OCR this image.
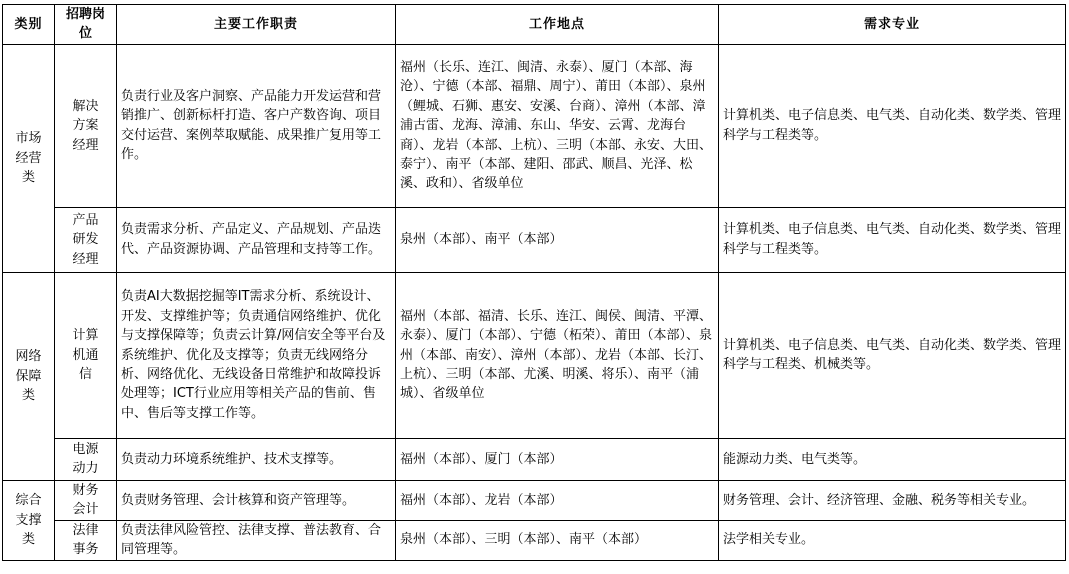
类别	招聘岗位	主要工作职责	工作地点	需求专业
市场经营类	解决方案经理	负责行业及客户洞察、产品能力开发运营和营销推广、创新标杆打造、客户产数咨询、项目交付运营、案例萃取赋能、成果推广复用等工作。	福州（长乐、连江、闽清、永泰）、厦门（本部、海沧）、宁德（本部、福鼎、周宁）、莆田（本部）、泉州（鲤城、石狮、惠安、安溪、台商）、漳州（本部、漳浦古雷、龙海、漳浦、东山、华安、云霄、龙海台商）、龙岩（本部、上杭）、三明（本部、永安、大田、泰宁）、南平（本部、建阳、邵武、顺昌、光泽、松溪、政和）、省级单位	计算机类、电子信息类、电气类、自动化类、数学类、管理科学与工程类等。
	产品研发经理	负责需求分析、产品定义、产品规划、产品迭代、产品资源协调、产品管理和支持等工作。	泉州（本部）、南平（本部）	计算机类、电子信息类、电气类、自动化类、数学类、管理科学与工程类等。
网络保障类	计算机通信	负责AI大数据挖掘等IT需求分析、系统设计、开发、支撑维护等；负责通信网络维护、优化与支撑保障等；负责云计算/网信安全等平台及系统维护、优化及支撑等；负责无线网络分析、网络优化、无线设备日常维护和故障投诉处理等；ICT行业应用等相关产品的售前、售中、售后等支撑工作等。	福州（本部、福清、长乐、连江、闽侯、闽清、平潭、永泰）、厦门（本部）、宁德（柘荣）、莆田（本部）、泉州（本部、南安）、漳州（本部）、龙岩（本部、长汀、上杭）、三明（本部、尤溪、明溪、将乐）、南平（浦城）、省级单位	计算机类、电子信息类、电气类、自动化类、数学类、管理科学与工程类、机械类等。
	电源动力	负责动力环境系统维护、技术支撑等。	福州（本部）、厦门（本部）	能源动力类、电气类等。
综合支撑类	财务会计	负责财务管理、会计核算和资产管理等。	福州（本部）、龙岩（本部）	财务管理、会计、经济管理、金融、税务等相关专业。
	法律事务	负责法律风险管控、法律支撑、普法教育、合同管理等。	泉州（本部）、三明（本部）、南平（本部）	法学相关专业。
